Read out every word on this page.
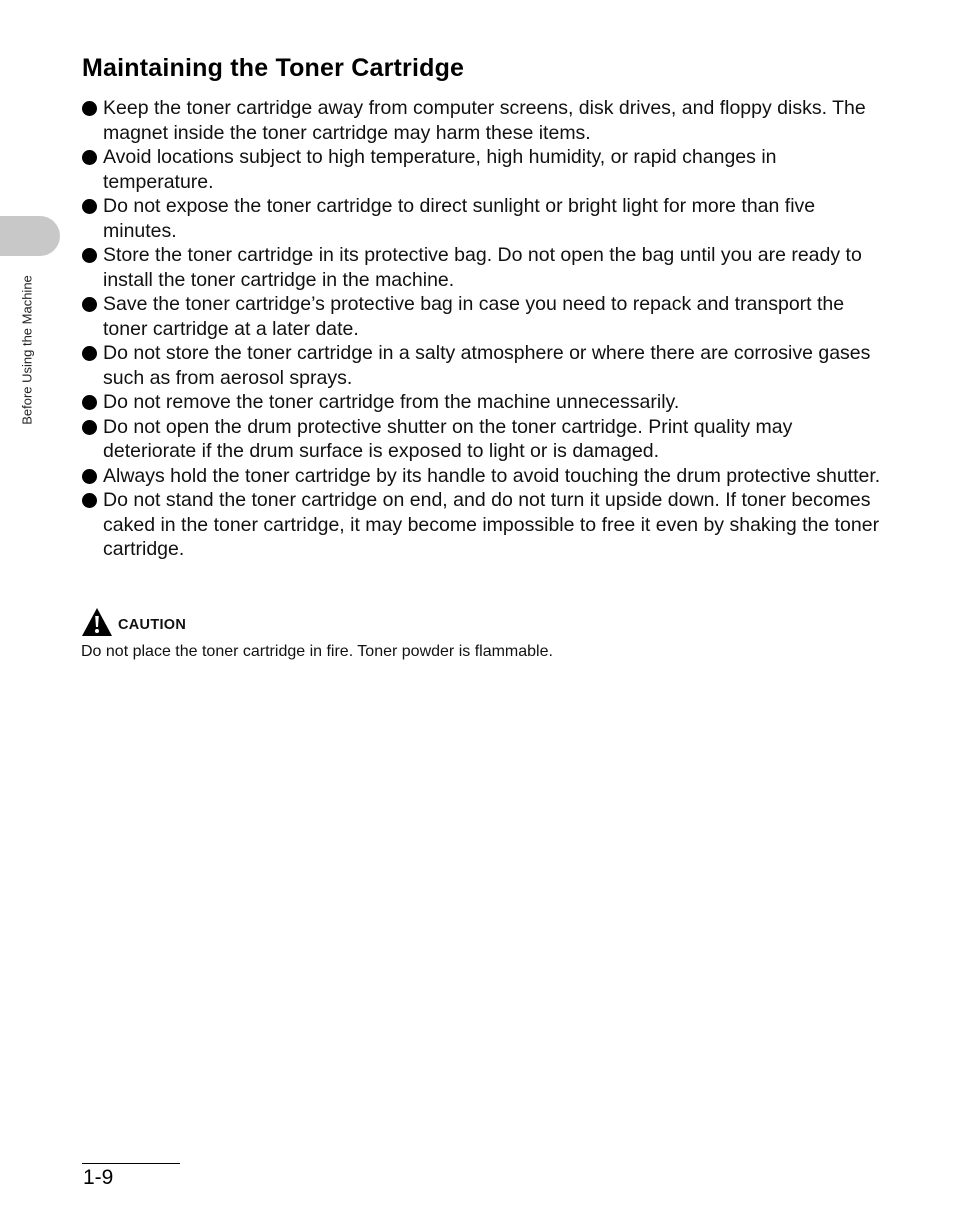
Before Using the Machine
Maintaining the Toner Cartridge
Keep the toner cartridge away from computer screens, disk drives, and floppy disks. The magnet inside the toner cartridge may harm these items.
Avoid locations subject to high temperature, high humidity, or rapid changes in temperature.
Do not expose the toner cartridge to direct sunlight or bright light for more than five minutes.
Store the toner cartridge in its protective bag. Do not open the bag until you are ready to install the toner cartridge in the machine.
Save the toner cartridge’s protective bag in case you need to repack and transport the toner cartridge at a later date.
Do not store the toner cartridge in a salty atmosphere or where there are corrosive gases such as from aerosol sprays.
Do not remove the toner cartridge from the machine unnecessarily.
Do not open the drum protective shutter on the toner cartridge. Print quality may deteriorate if the drum surface is exposed to light or is damaged.
Always hold the toner cartridge by its handle to avoid touching the drum protective shutter.
Do not stand the toner cartridge on end, and do not turn it upside down. If toner becomes caked in the toner cartridge, it may become impossible to free it even by shaking the toner cartridge.
CAUTION
Do not place the toner cartridge in fire. Toner powder is flammable.
1-9
